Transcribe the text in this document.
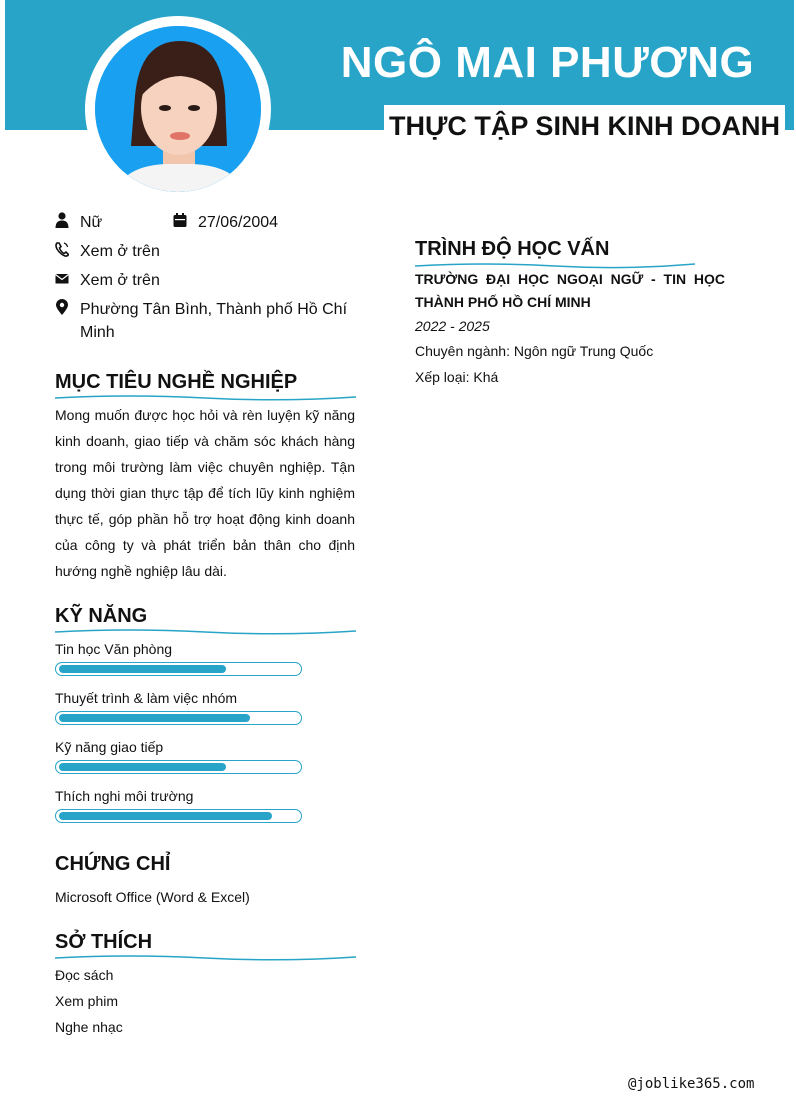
NGÔ MAI PHƯƠNG
THỰC TẬP SINH KINH DOANH
Nữ	27/06/2004
Xem ở trên
Xem ở trên
Phường Tân Bình, Thành phố Hồ Chí Minh
MỤC TIÊU NGHỀ NGHIỆP
Mong muốn được học hỏi và rèn luyện kỹ năng kinh doanh, giao tiếp và chăm sóc khách hàng trong môi trường làm việc chuyên nghiệp. Tận dụng thời gian thực tập để tích lũy kinh nghiệm thực tế, góp phần hỗ trợ hoạt động kinh doanh của công ty và phát triển bản thân cho định hướng nghề nghiệp lâu dài.
KỸ NĂNG
Tin học Văn phòng
Thuyết trình & làm việc nhóm
Kỹ năng giao tiếp
Thích nghi môi trường
CHỨNG CHỈ
Microsoft Office (Word & Excel)
SỞ THÍCH
Đọc sách
Xem phim
Nghe nhạc
TRÌNH ĐỘ HỌC VẤN
TRƯỜNG ĐẠI HỌC NGOẠI NGỮ - TIN HỌC THÀNH PHỐ HỒ CHÍ MINH
2022 - 2025
Chuyên ngành: Ngôn ngữ Trung Quốc
Xếp loại: Khá
@joblike365.com
